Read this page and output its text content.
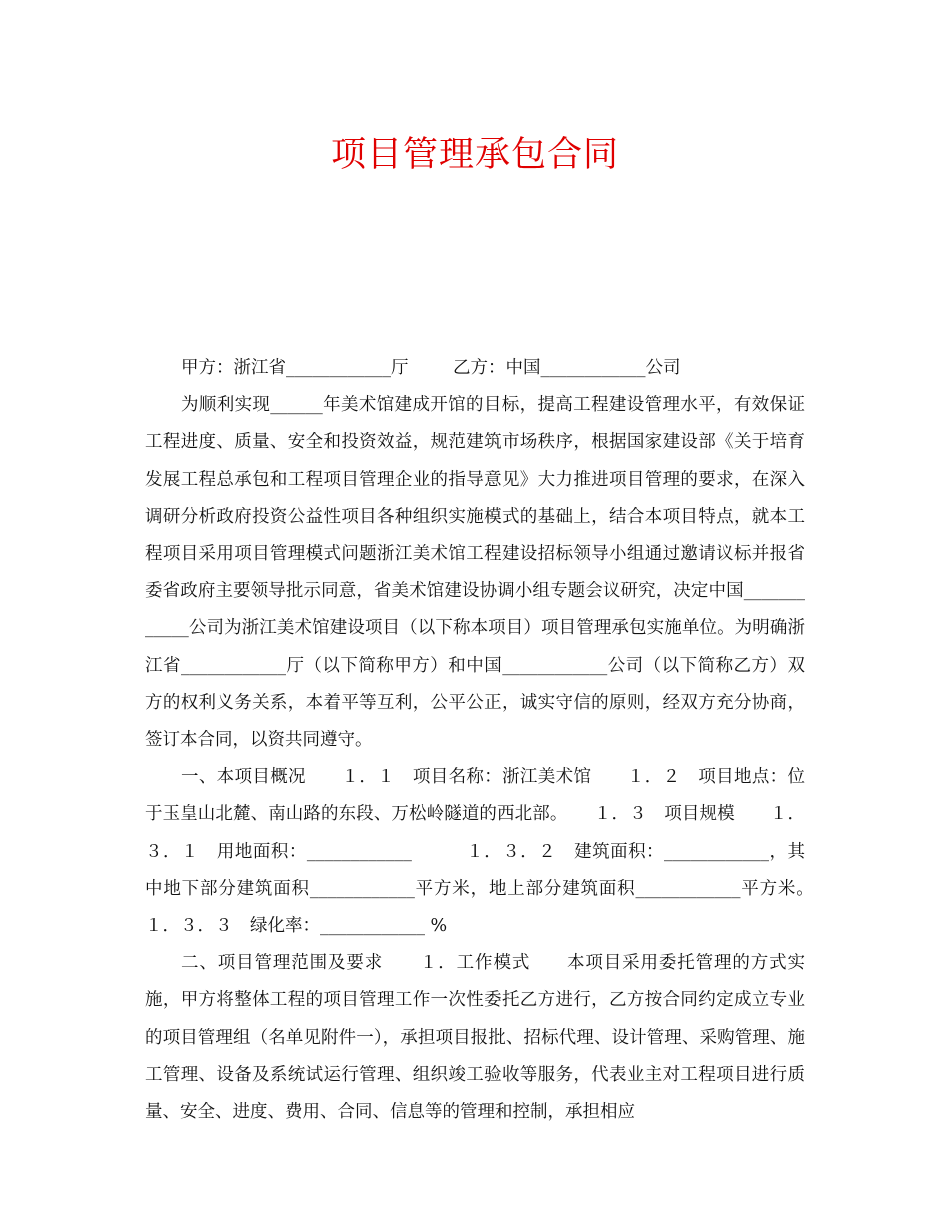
项目管理承包合同

甲方：浙江省____________厅        乙方：中国____________公司

为顺利实现______年美术馆建成开馆的目标，提高工程建设管理水平，有效保证工程进度、质量、安全和投资效益，规范建筑市场秩序，根据国家建设部《关于培育发展工程总承包和工程项目管理企业的指导意见》大力推进项目管理的要求，在深入调研分析政府投资公益性项目各种组织实施模式的基础上，结合本项目特点，就本工程项目采用项目管理模式问题浙江美术馆工程建设招标领导小组通过邀请议标并报省委省政府主要领导批示同意，省美术馆建设协调小组专题会议研究，决定中国____________公司为浙江美术馆建设项目（以下称本项目）项目管理承包实施单位。为明确浙江省____________厅（以下简称甲方）和中国____________公司（以下简称乙方）双方的权利义务关系，本着平等互利，公平公正，诚实守信的原则，经双方充分协商，签订本合同，以资共同遵守。

一、本项目概况　　１．１　项目名称：浙江美术馆　　１．２　项目地点：位于玉皇山北麓、南山路的东段、万松岭隧道的西北部。　　１．３　项目规模　　１．３．１　用地面积：____________　　　１．３．２　建筑面积：____________，其中地下部分建筑面积____________平方米，地上部分建筑面积____________平方米。　　１．３．３　绿化率：____________ %

二、项目管理范围及要求　　１．工作模式　　本项目采用委托管理的方式实施，甲方将整体工程的项目管理工作一次性委托乙方进行，乙方按合同约定成立专业的项目管理组（名单见附件一），承担项目报批、招标代理、设计管理、采购管理、施工管理、设备及系统试运行管理、组织竣工验收等服务，代表业主对工程项目进行质量、安全、进度、费用、合同、信息等的管理和控制，承担相应
